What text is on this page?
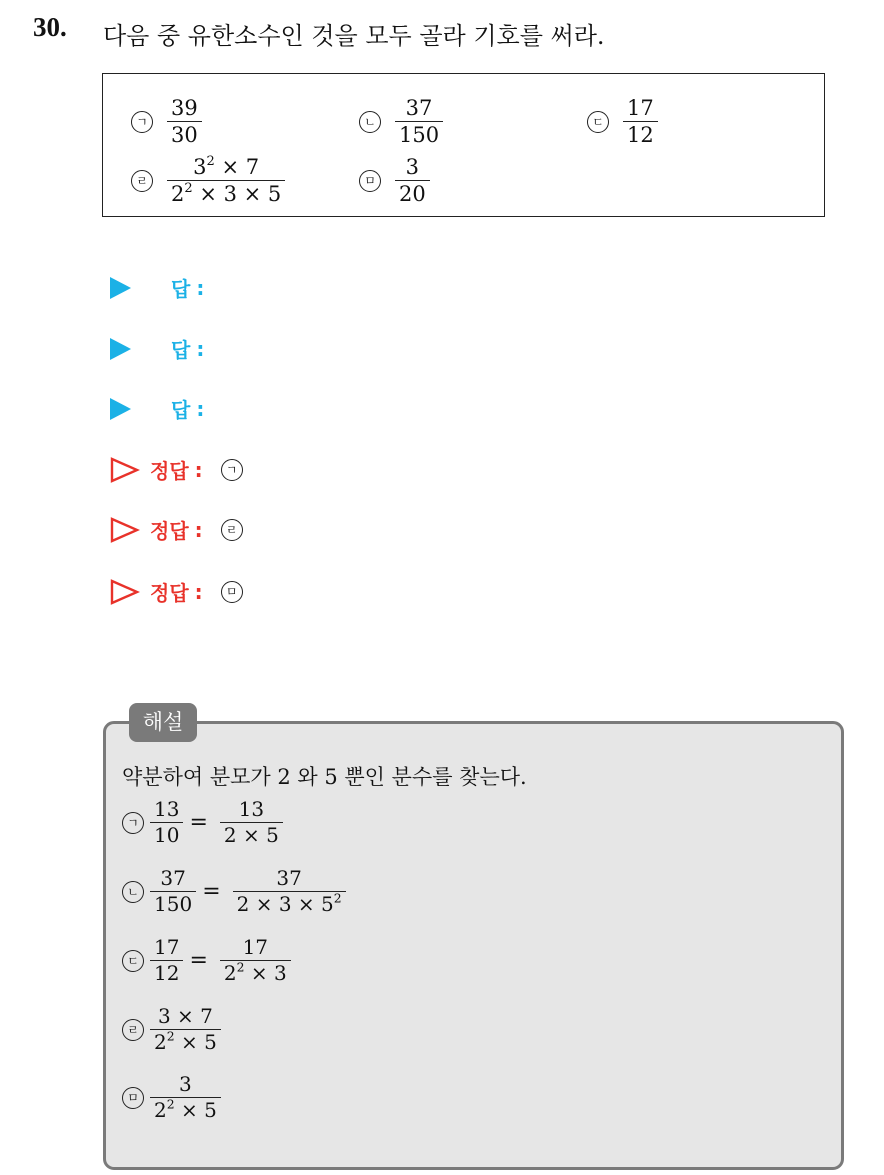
30. 다음 중 유한소수인 것을 모두 골라 기호를 써라.
ㄱ $\frac{39}{30}$	ㄴ $\frac{37}{150}$	ㄷ $\frac{17}{12}$
ㄹ $\frac{3^2 \times 7}{2^2 \times 3 \times 5}$	ㅁ $\frac{3}{20}$
답 :
답 :
답 :
정답 :	ㄱ
정답 :	ㄹ
정답 :	ㅁ
해설
약분하여 분모가 2 와 5 뿐인 분수를 찾는다.
ㄱ $\frac{13}{10} = \frac{13}{2 \times 5}$
ㄴ $\frac{37}{150} = \frac{37}{2 \times 3 \times 5^2}$
ㄷ $\frac{17}{12} = \frac{17}{2^2 \times 3}$
ㄹ $\frac{3 \times 7}{2^2 \times 5}$
ㅁ $\frac{3}{2^2 \times 5}$
